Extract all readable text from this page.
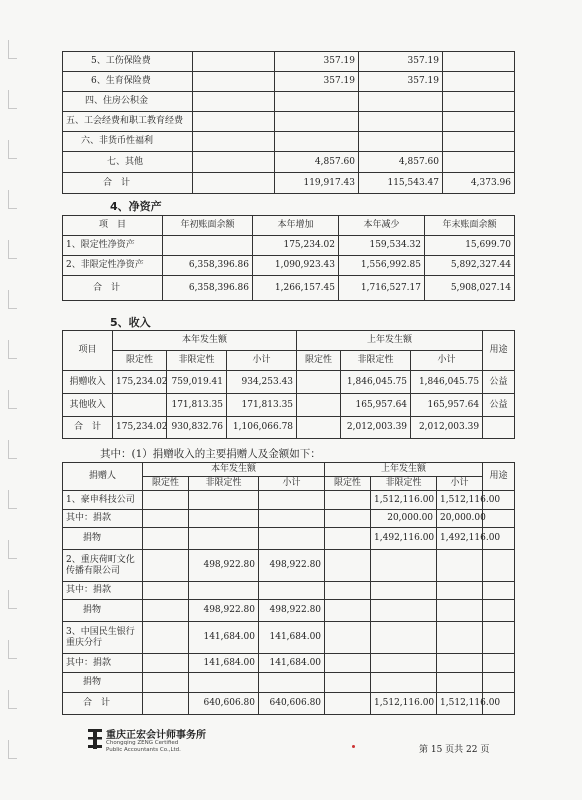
5、工伤保险费		357.19	357.19	
6、生育保险费		357.19	357.19	
四、住房公积金				
五、工会经费和职工教育经费				
六、非货币性福利				
七、其他		4,857.60	4,857.60	
合　计		119,917.43	115,543.47	4,373.96
4、净资产
项　目	年初账面余额	本年增加	本年减少	年末账面余额
1、限定性净资产		175,234.02	159,534.32	15,699.70
2、非限定性净资产	6,358,396.86	1,090,923.43	1,556,992.85	5,892,327.44
合　计	6,358,396.86	1,266,157.45	1,716,527.17	5,908,027.14
5、收入
项目	本年发生额			上年发生额			用途
	限定性	非限定性	小计	限定性	非限定性	小计	
捐赠收入	175,234.02	759,019.41	934,253.43		1,846,045.75	1,846,045.75	公益
其他收入		171,813.35	171,813.35		165,957.64	165,957.64	公益
合　计	175,234.02	930,832.76	1,106,066.78		2,012,003.39	2,012,003.39	
其中：(1）捐赠收入的主要捐赠人及金额如下：
捐赠人	本年发生额			上年发生额			用途
	限定性	非限定性	小计	限定性	非限定性	小计	
1、豪申科技公司					1,512,116.00	1,512,116.00	
其中：捐款					20,000.00	20,000.00	
捐物					1,492,116.00	1,492,116.00	
2、重庆荷町文化传播有限公司		498,922.80	498,922.80				
其中：捐款							
捐物		498,922.80	498,922.80				
3、中国民生银行重庆分行		141,684.00	141,684.00				
其中：捐款		141,684.00	141,684.00				
捐物							
合　计		640,606.80	640,606.80		1,512,116.00	1,512,116.00	
重庆正宏会计师事务所
Chongqing ZENG Certified Public Accountants Co.,Ltd.	第 15 页共 22 页
